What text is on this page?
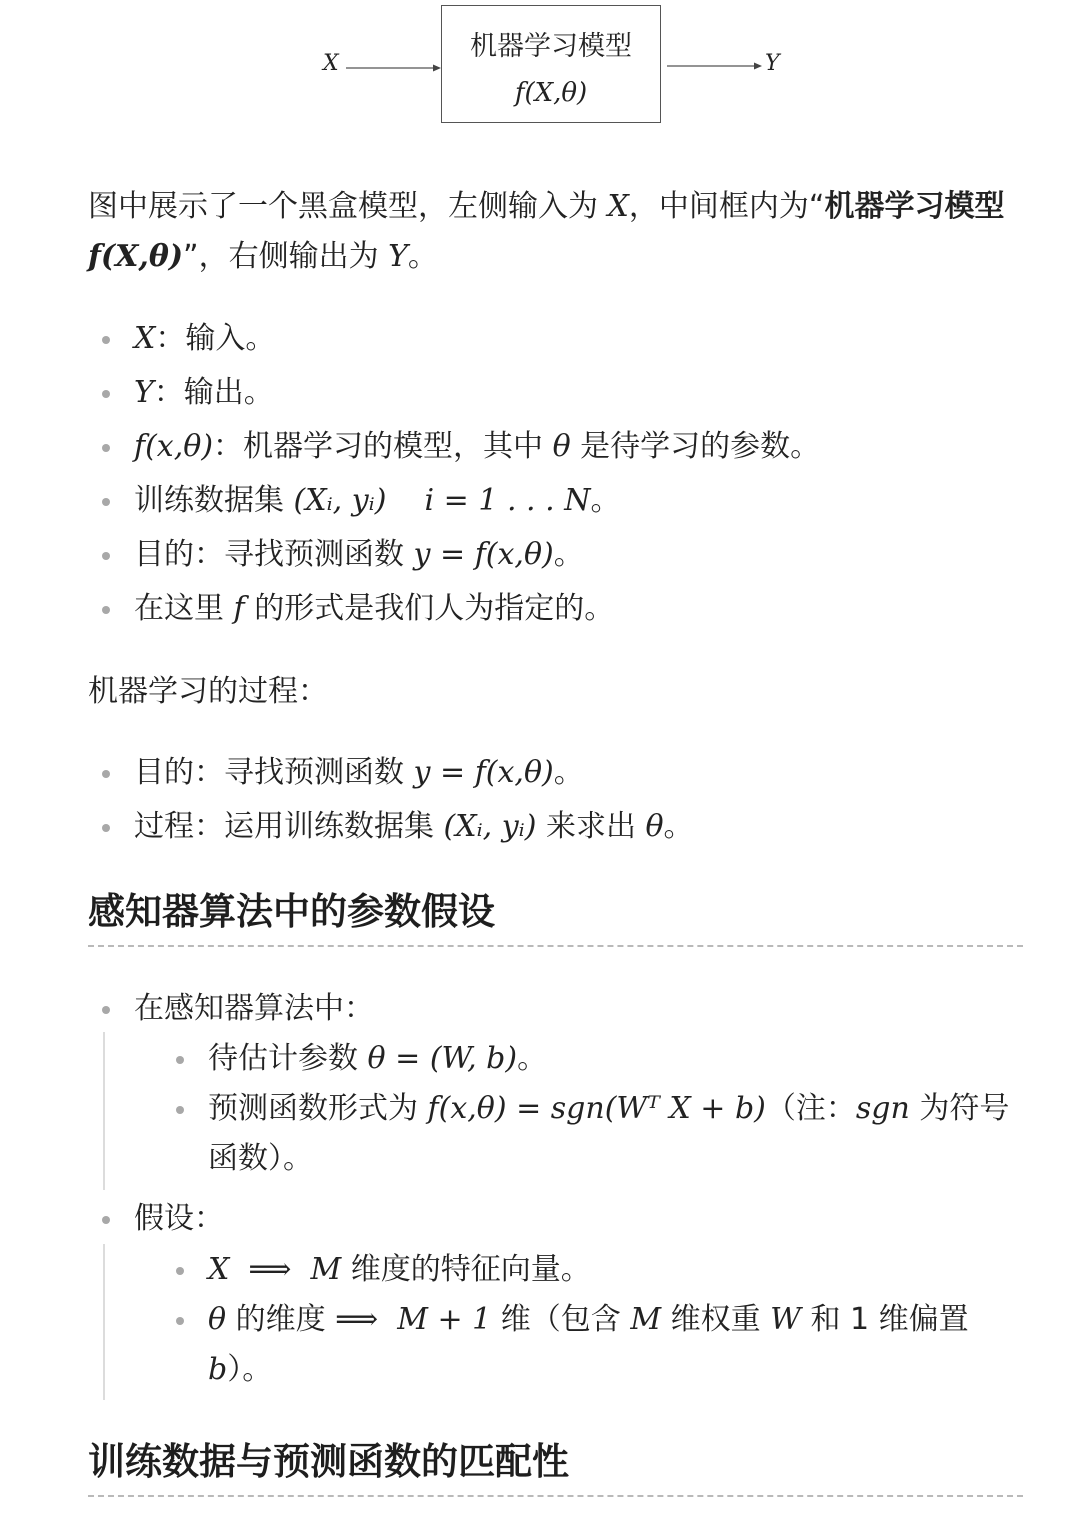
X
机器学习模型
f(X,θ)
Y
图中展示了一个黑盒模型，左侧输入为 X，中间框内为“机器学习模型 f(X,θ)”，右侧输出为 Y。
X：输入。
Y：输出。
f(x,θ)：机器学习的模型，其中 θ 是待学习的参数。
训练数据集 (Xᵢ, yᵢ)    i = 1 . . . N。
目的：寻找预测函数 y = f(x,θ)。
在这里 f 的形式是我们人为指定的。
机器学习的过程：
目的：寻找预测函数 y = f(x,θ)。
过程：运用训练数据集 (Xᵢ, yᵢ) 来求出 θ。
感知器算法中的参数假设
在感知器算法中：
待估计参数 θ = (W, b)。
预测函数形式为 f(x,θ) = sgn(Wᵀ X + b)（注：sgn 为符号函数）。
假设：
X  ⟹  M 维度的特征向量。
θ 的维度 ⟹  M + 1 维（包含 M 维权重 W 和 1 维偏置 b）。
训练数据与预测函数的匹配性
